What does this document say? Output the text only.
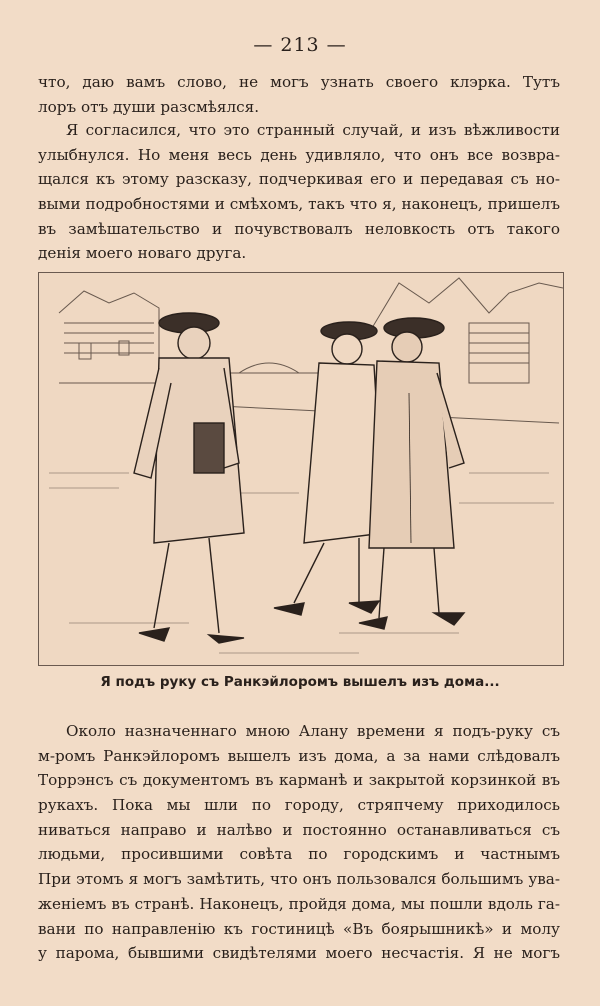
— 213 —
что, даю вамъ слово, не могъ узнать своего клэрка. Тутъ
лоръ отъ души разсмѣялся.
Я согласился, что это странный случай, и изъ вѣжливости
улыбнулся. Но меня весь день удивляло, что онъ все возвра-
щался къ этому разсказу, подчеркивая его и передавая съ но-
выми подробностями и смѣхомъ, такъ что я, наконецъ, пришелъ
въ замѣшательство и почувствовалъ неловкость отъ такого
денія моего новаго друга.
Я подъ руку съ Ранкэйлоромъ вышелъ изъ дома...
Около назначеннаго мною Алану времени я подъ-руку съ
м-ромъ Ранкэйлоромъ вышелъ изъ дома, а за нами слѣдовалъ
Торрэнсъ съ документомъ въ карманѣ и закрытой корзинкой въ
рукахъ. Пока мы шли по городу, стряпчему приходилось
ниваться направо и налѣво и постоянно останавливаться съ
людьми, просившими совѣта по городскимъ и частнымъ
При этомъ я могъ замѣтить, что онъ пользовался большимъ ува-
женіемъ въ странѣ. Наконецъ, пройдя дома, мы пошли вдоль га-
вани по направленію къ гостиницѣ «Въ боярышникѣ» и молу
у парома, бывшими свидѣтелями моего несчастія. Я не могъ
